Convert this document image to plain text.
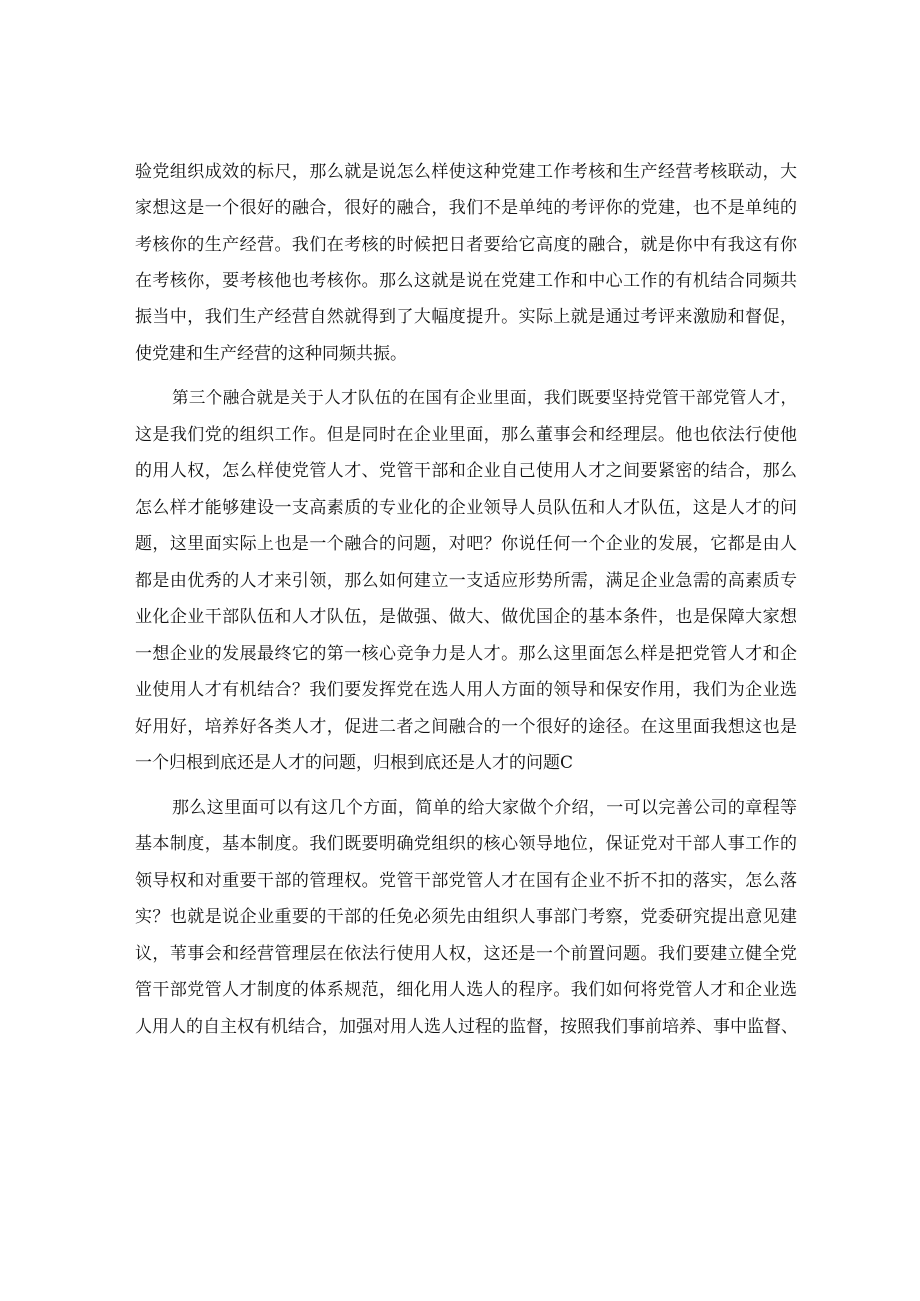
验党组织成效的标尺，那么就是说怎么样使这种党建工作考核和生产经营考核联动，大
家想这是一个很好的融合，很好的融合，我们不是单纯的考评你的党建，也不是单纯的
考核你的生产经营。我们在考核的时候把日者要给它高度的融合，就是你中有我这有你
在考核你，要考核他也考核你。那么这就是说在党建工作和中心工作的有机结合同频共
振当中，我们生产经营自然就得到了大幅度提升。实际上就是通过考评来激励和督促，
使党建和生产经营的这种同频共振。
第三个融合就是关于人才队伍的在国有企业里面，我们既要坚持党管干部党管人才，
这是我们党的组织工作。但是同时在企业里面，那么董事会和经理层。他也依法行使他
的用人权，怎么样使党管人才、党管干部和企业自己使用人才之间要紧密的结合，那么
怎么样才能够建设一支高素质的专业化的企业领导人员队伍和人才队伍，这是人才的问
题，这里面实际上也是一个融合的问题，对吧？你说任何一个企业的发展，它都是由人
都是由优秀的人才来引领，那么如何建立一支适应形势所需，满足企业急需的高素质专
业化企业干部队伍和人才队伍，是做强、做大、做优国企的基本条件，也是保障大家想
一想企业的发展最终它的第一核心竞争力是人才。那么这里面怎么样是把党管人才和企
业使用人才有机结合？我们要发挥党在选人用人方面的领导和保安作用，我们为企业选
好用好，培养好各类人才，促进二者之间融合的一个很好的途径。在这里面我想这也是
一个归根到底还是人才的问题，归根到底还是人才的问题C
那么这里面可以有这几个方面，简单的给大家做个介绍，一可以完善公司的章程等
基本制度，基本制度。我们既要明确党组织的核心领导地位，保证党对干部人事工作的
领导权和对重要干部的管理权。党管干部党管人才在国有企业不折不扣的落实，怎么落
实？也就是说企业重要的干部的任免必须先由组织人事部门考察，党委研究提出意见建
议，苇事会和经营管理层在依法行使用人权，这还是一个前置问题。我们要建立健全党
管干部党管人才制度的体系规范，细化用人选人的程序。我们如何将党管人才和企业选
人用人的自主权有机结合，加强对用人选人过程的监督，按照我们事前培养、事中监督、
